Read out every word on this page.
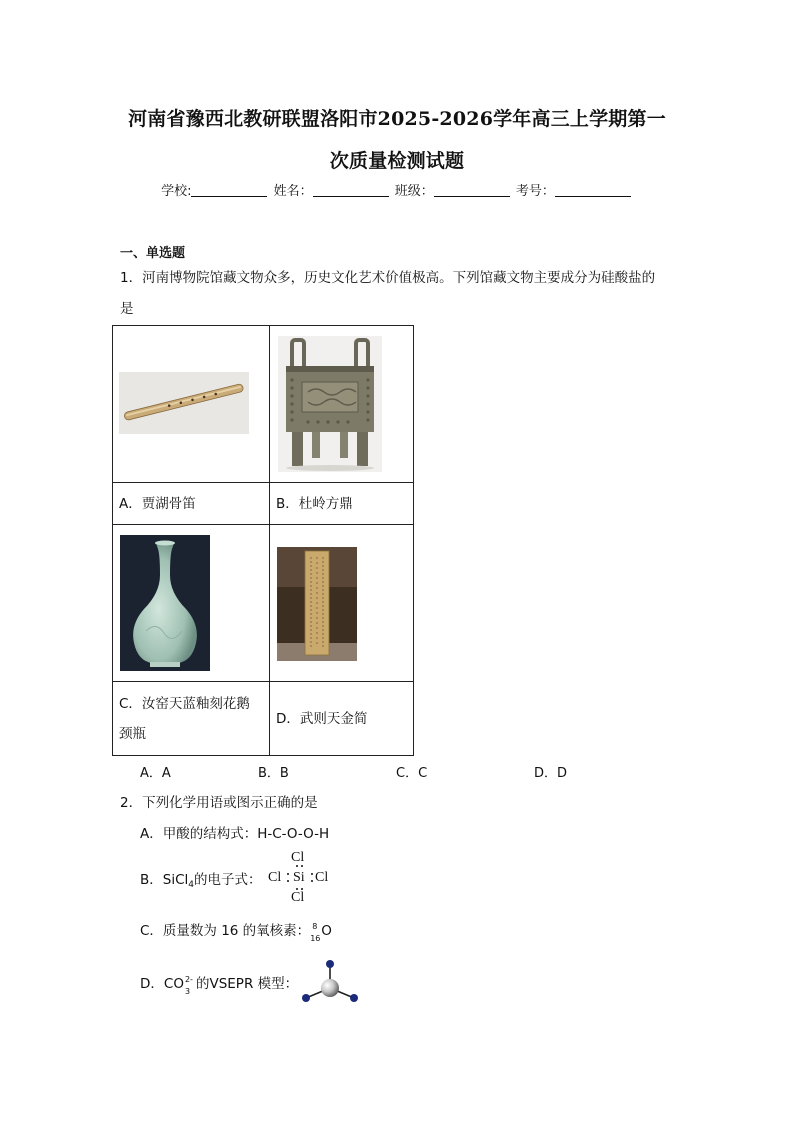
河南省豫西北教研联盟洛阳市2025-2026学年高三上学期第一
次质量检测试题
学校:	姓名：	班级：	考号：
一、单选题
1．河南博物院馆藏文物众多，历史文化艺术价值极高。下列馆藏文物主要成分为硅酸盐的
是

A．贾湖骨笛	B．杜岭方鼎

C．汝窑天蓝釉刻花鹅
颈瓶	D．武则天金简
A．A	B．B	C．C	D．D
2．下列化学用语或图示正确的是
A．甲酸的结构式：H-C-O-O-H
B．SiCl$_4$的电子式：
Cl
Cl Si Cl
Cl
C．质量数为 16 的氧核素： 8
16 O
D．CO 2-
3 的VSEPR 模型：
